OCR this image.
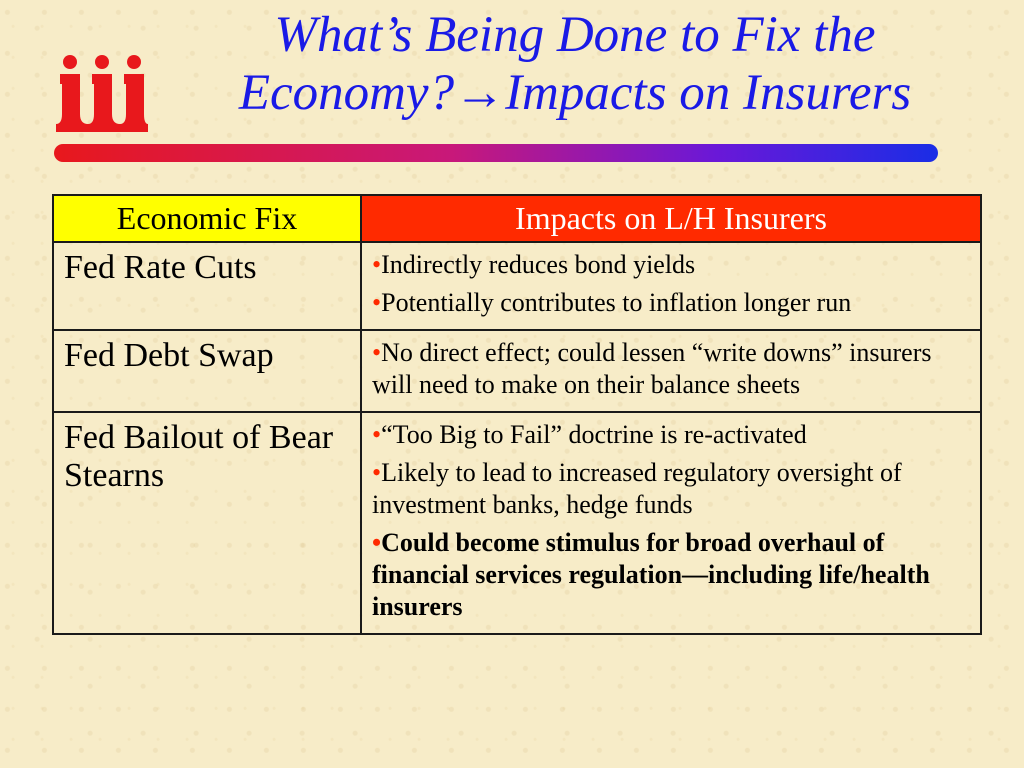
What’s Being Done to Fix the
Economy?→Impacts on Insurers
Economic Fix	Impacts on L/H Insurers
Fed Rate Cuts	•Indirectly reduces bond yields
•Potentially contributes to inflation longer run

Fed Debt Swap	•No direct effect; could lessen “write downs” insurers will need to make on their balance sheets

Fed Bailout of Bear Stearns	•“Too Big to Fail” doctrine is re-activated
•Likely to lead to increased regulatory oversight of investment banks, hedge funds
•Could become stimulus for broad overhaul of financial services regulation—including life/health insurers
